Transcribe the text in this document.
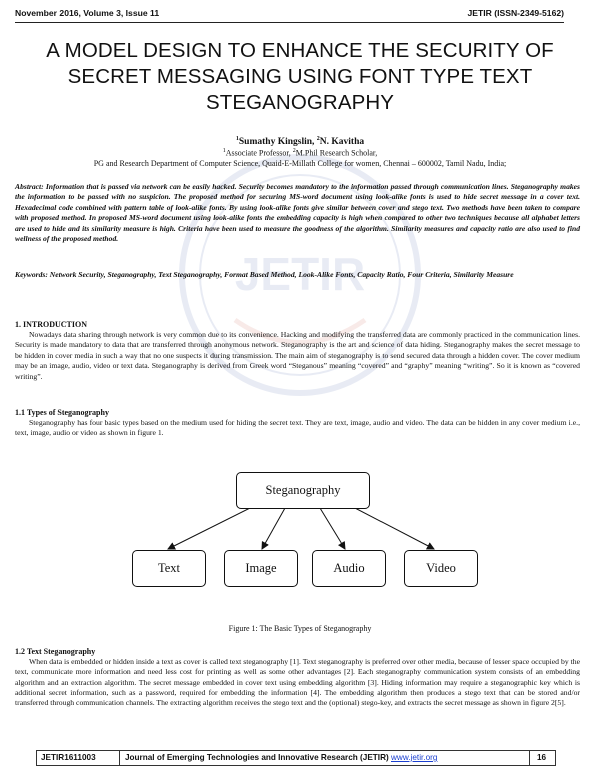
November 2016, Volume 3, Issue 11	JETIR (ISSN-2349-5162)
JETIR
A MODEL DESIGN TO ENHANCE THE SECURITY OF SECRET MESSAGING USING FONT TYPE TEXT STEGANOGRAPHY
$^1$Sumathy Kingslin, $^2$N. Kavitha
$^1$Associate Professor, $^2$M.Phil Research Scholar,
PG and Research Department of Computer Science, Quaid-E-Millath College for women, Chennai – 600002, Tamil Nadu, India;
Abstract: Information that is passed via network can be easily hacked. Security becomes mandatory to the information passed through communication lines. Steganography makes the information to be passed with no suspicion. The proposed method for securing MS-word document using look-alike fonts is used to hide secret message in a cover text. Hexadecimal code combined with pattern table of look-alike fonts. By using look-alike fonts give similar between cover and stego text. Two methods have been taken to compare with proposed method. In proposed MS-word document using look-alike fonts the embedding capacity is high when compared to other two techniques because all alphabet letters are used to hide and its similarity measure is high. Criteria have been used to measure the goodness of the algorithm. Similarity measures and capacity ratio are also used to find wellness of the proposed method.
Keywords: Network Security, Steganography, Text Steganography, Format Based Method, Look-Alike Fonts, Capacity Ratio, Four Criteria, Similarity Measure
1. INTRODUCTION
Nowadays data sharing through network is very common due to its convenience. Hacking and modifying the transferred data are commonly practiced in the communication lines. Security is made mandatory to data that are transferred through anonymous network. Steganography is the art and science of data hiding. Steganography makes the secret message to be hidden in cover media in such a way that no one suspects it during transmission. The main aim of steganography is to send secured data through a hidden cover. The cover medium may be an image, audio, video or text data. Steganography is derived from Greek word “Steganous” meaning “covered” and “graphy” meaning “writing”. So it is known as “covered writing”.
1.1 Types of Steganography
Steganography has four basic types based on the medium used for hiding the secret text. They are text, image, audio and video. The data can be hidden in any cover medium i.e., text, image, audio or video as shown in figure 1.
Steganography
Text	Image	Audio	Video
Figure 1: The Basic Types of Steganography
1.2 Text Steganography
When data is embedded or hidden inside a text as cover is called text steganography [1]. Text steganography is preferred over other media, because of lesser space occupied by the text, communicate more information and need less cost for printing as well as some other advantages [2]. Each steganography communication system consists of an embedding algorithm and an extraction algorithm. The secret message embedded in cover text using embedding algorithm [3]. Hiding information may require a steganographic key which is additional secret information, such as a password, required for embedding the information [4]. The embedding algorithm then produces a stego text that can be stored and/or transferred through communication channels. The extracting algorithm receives the stego text and the (optional) stego-key, and extracts the secret message as shown in figure 2[5].
JETIR1611003	Journal of Emerging Technologies and Innovative Research (JETIR) www.jetir.org	16
